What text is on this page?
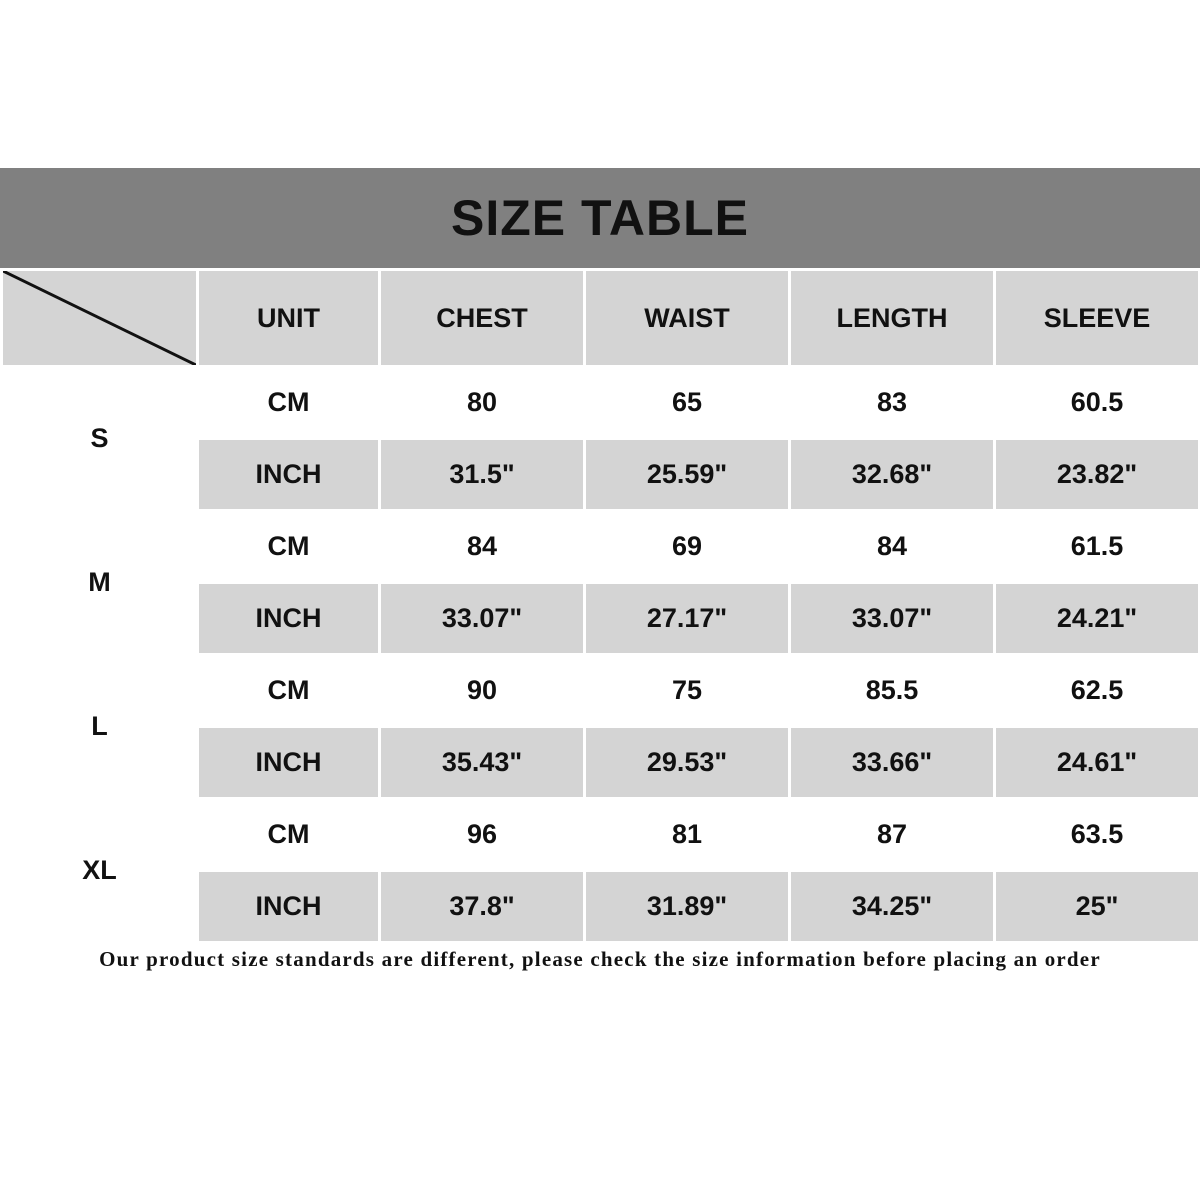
SIZE TABLE
	UNIT	CHEST	WAIST	LENGTH	SLEEVE
S	CM	80	65	83	60.5
	INCH	31.5"	25.59"	32.68"	23.82"
M	CM	84	69	84	61.5
	INCH	33.07"	27.17"	33.07"	24.21"
L	CM	90	75	85.5	62.5
	INCH	35.43"	29.53"	33.66"	24.61"
XL	CM	96	81	87	63.5
	INCH	37.8"	31.89"	34.25"	25"
Our product size standards are different, please check the size information before placing an order
